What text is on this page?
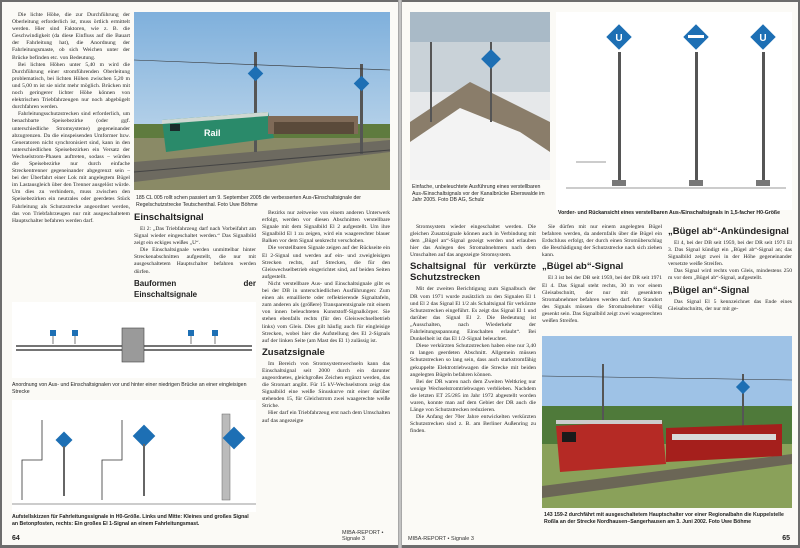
Die lichte Höhe, die zur Durchführung der Oberleitung erforderlich ist, muss örtlich ermittelt werden. Hier sind Faktoren, wie z. B. die Geschwindigkeit (da diese Einfluss auf die Bauart der Fahrleitung hat), die Anordnung der Fahrleitungsmaste, ob sich Weichen unter der Brücke befinden etc. von Bedeutung.

Bei lichten Höhen unter 5,40 m wird die Durchführung einer stromführenden Oberleitung problematisch, bei lichten Höhen zwischen 5,20 m und 5,00 m ist sie nicht mehr möglich. Brücken mit noch geringerer lichter Höhe können von elektrischen Triebfahrzeugen nur noch abgebügelt durchfahren werden.

Fahrleitungsschutzstrecken sind erforderlich, um benachbarte Speisebezirke (oder ggf. unterschiedliche Stromsysteme) gegeneinander abzugrenzen. Da die einspeisenden Umformer bzw. Generatoren nicht synchronisiert sind, kann in den unterschiedlichen Speisebezirken ein Versatz der Wechselstrom-Phasen auftreten, sodass – würden die Speisebezirke nur durch einfache Streckentrenner gegeneinander abgegrenzt sein – bei der Überfahrt einer Lok mit angelegtem Bügel im Lastausgleich über den Trenner ausgelöst würde. Um dies zu verhindern, muss zwischen den Speisebezirken ein neutrales oder geerdetes Stück Fahrleitung als Schutzstrecke angeordnet werden, das von Triebfahrzeugen nur mit ausgeschaltetem Hauptschalter befahren werden darf.

Rail
185 CL 005 rollt schen passiert am 9. September 2005 die verbesserten Aus-/Einschaltsignale der Regelschutzstrecke Teutschenthal. Foto Uwe Böhme
Einschaltsignal

El 2: „Das Triebfahrzeug darf nach Vorbeifahrt am Signal wieder eingeschaltet werden.“ Das Signalbild zeigt ein eckiges weißes „U“.

Die Einschaltsignale werden unmittelbar hinter Streckenabschnitten aufgestellt, die nur mit ausgeschaltetem Hauptschalter befahren werden dürfen.

Bauformen der Einschaltsignale

Bezirks nur zeitweise von einem anderen Unterwerk erfolgt, werden vor diesen Abschnitten verstellbare Signale mit dem Signalbild El 2 aufgestellt. Um ihre Signalbild El 1 zu zeigen, wird ein waagerechter blauer Balken vor dem Signal senkrecht verschoben.

Die verstellbaren Signale zeigen auf der Rückseite ein El 2-Signal und werden auf ein- und zweigleisigen Strecken rechts, auf Strecken, die für den Gleiswechselbetrieb eingerichtet sind, auf beiden Seiten aufgestellt.

Nicht verstellbare Aus- und Einschaltsignale gibt es bei der DB in unterschiedlichen Ausführungen: Zum einen als emaillierte oder reflektierende Signaltafeln, zum anderen als (größere) Transparentsignale mit einem von innen beleuchteten Kunststoff-Signalkörper. Sie stehen ebenfalls rechts (für den Gleiswechselbetrieb links) vom Gleis. Dies gilt häufig auch für eingleisige Strecken, wobei hier die Aufstellung des El 2-Signals auf der linken Seite (am Mast des El 1) zulässig ist.

Zusatzsignale

Im Bereich von Stromsystemwechseln kann das Einschaltsignal seit 2000 durch ein darunter angeordnetes, gleichgroßes Zeichen ergänzt werden, das die Stromart angibt. Für 15 kV-Wechselstrom zeigt das Signalbild eine weiße Sinuskurve mit einer darüber stehenden 15, für Gleichstrom zwei waagerechte weiße Striche.

Hier darf ein Triebfahrzeug erst nach dem Umschalten auf das angezeigte

Anordnung von Aus- und Einschaltsignalen vor und hinter einer niedrigen Brücke an einer eingleisigen Strecke
Aufstellskizzen für Fahrleitungssignale in H0-Größe. Links und Mitte: Kleines und großes Signal an Betonpfosten, rechts: Ein großes El 1-Signal an einem Fahrleitungsmast.
64
MIBA-REPORT • Signale 3
Einfache, unbeleuchtete Ausführung eines verstellbaren Aus-/Einschaltsignals vor der Kanalbrücke Eberswalde im Jahr 2005. Foto DB AG, Schulz
U	U
Vorder- und Rückansicht eines verstellbaren Aus-/Einschaltsignals in 1,5-facher H0-Größe

Stromsystem wieder eingeschaltet werden. Die gleichen Zusatzsignale können auch in Verbindung mit dem „Bügel an“-Signal gezeigt werden und erlauben hier das Anlegen des Stromabnehmers nach dem Umschalten auf das angezeigte Stromsystem.

Schaltsignal für verkürzte Schutzstrecken

Mit der zweiten Berichtigung zum Signalbuch der DR vom 1971 wurde zusätzlich zu den Signalen El 1 und El 2 das Signal El 1/2 als Schaltsignal für verkürzte Schutzstrecken eingeführt. Es zeigt das Signal El 1 und darüber das Signal El 2. Die Bedeutung ist „Ausschalten, nach Wiederkehr der Fahrleitungsspannung Einschalten erlaubt“. Bei Dunkelheit ist das El 1/2-Signal beleuchtet.

Diese verkürzten Schutzstrecken haben eine nur 3,40 m langen geerdeten Abschnitt. Allgemein müssen Schutzstrecken so lang sein, dass auch starkstromfähig gekuppelte Elektrotriebwagen die Strecke mit beiden angelegten Bügeln befahren können.

Bei der DR waren nach dem Zweiten Weltkrieg nur wenige Wechselstromtriebwagen verblieben. Nachdem die letzten ET 25/285 im Jahr 1972 abgestellt worden waren, konnte man auf dem Gebiet der DR auch die Länge von Schutzstrecken reduzieren.

Die Anfang der 70er Jahre entwickelten verkürzten Schutzstrecken sind z. B. am Berliner Außenring zu finden.

Sie dürfen mit nur einem angelegten Bügel befahren werden, da andernfalls über die Bügel ein Erdschluss erfolgt, der durch einen Stromüberschlag die Beschädigung der Schutzstrecke nach sich ziehen kann.

„Bügel ab“-Signal

El 3 ist bei der DB seit 1959, bei der DR seit 1971 El 4. Das Signal steht rechts, 30 m vor einem Gleisabschnitt, der nur mit gesenktem Stromabnehmer befahren werden darf. Am Standort des Signals müssen die Stromabnehmer völlig gesenkt sein. Das Signalbild zeigt zwei waagerechten weißen Streifen.

„Bügel ab“-Ankündesignal

El 4, bei der DB seit 1959, bei der DR seit 1971 El 3. Das Signal kündigt ein „Bügel ab“-Signal an; das Signalbild zeigt zwei in der Höhe gegeneinander versetzte weiße Streifen.

Das Signal wird rechts vom Gleis, mindestens 250 m vor dem „Bügel ab“-Signal, aufgestellt.

„Bügel an“-Signal

Das Signal El 5 kennzeichnet das Ende eines Gleisabschnitts, der nur mit ge-

143 159-2 durchfährt mit ausgeschaltetem Hauptschalter vor einer Regionalbahn die Kuppelstelle Roßla an der Strecke Nordhausen–Sangerhausen am 3. Juni 2002. Foto Uwe Böhme
MIBA-REPORT • Signale 3	65
